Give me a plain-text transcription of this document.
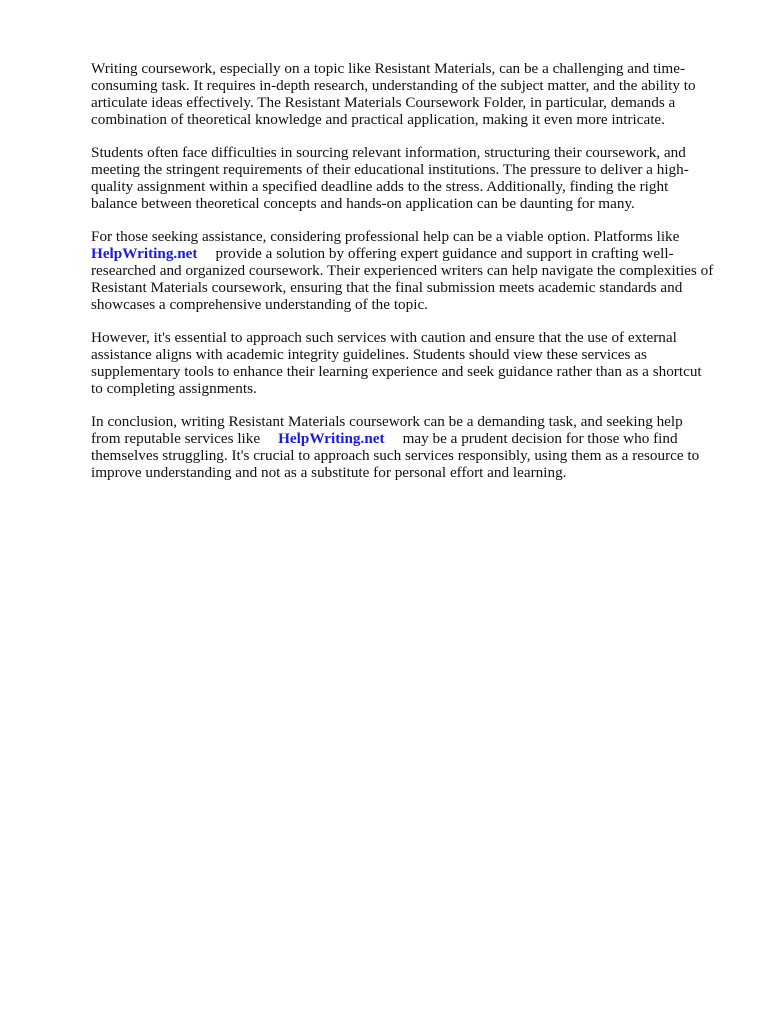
Writing coursework, especially on a topic like Resistant Materials, can be a challenging and time-consuming task. It requires in-depth research, understanding of the subject matter, and the ability to articulate ideas effectively. The Resistant Materials Coursework Folder, in particular, demands a combination of theoretical knowledge and practical application, making it even more intricate.

Students often face difficulties in sourcing relevant information, structuring their coursework, and meeting the stringent requirements of their educational institutions. The pressure to deliver a high-quality assignment within a specified deadline adds to the stress. Additionally, finding the right balance between theoretical concepts and hands-on application can be daunting for many.

For those seeking assistance, considering professional help can be a viable option. Platforms like
HelpWriting.net provide a solution by offering expert guidance and support in crafting well-researched and organized coursework. Their experienced writers can help navigate the complexities of Resistant Materials coursework, ensuring that the final submission meets academic standards and showcases a comprehensive understanding of the topic.

However, it's essential to approach such services with caution and ensure that the use of external assistance aligns with academic integrity guidelines. Students should view these services as supplementary tools to enhance their learning experience and seek guidance rather than as a shortcut to completing assignments.

In conclusion, writing Resistant Materials coursework can be a demanding task, and seeking help from reputable services like HelpWriting.net may be a prudent decision for those who find themselves struggling. It's crucial to approach such services responsibly, using them as a resource to improve understanding and not as a substitute for personal effort and learning.
